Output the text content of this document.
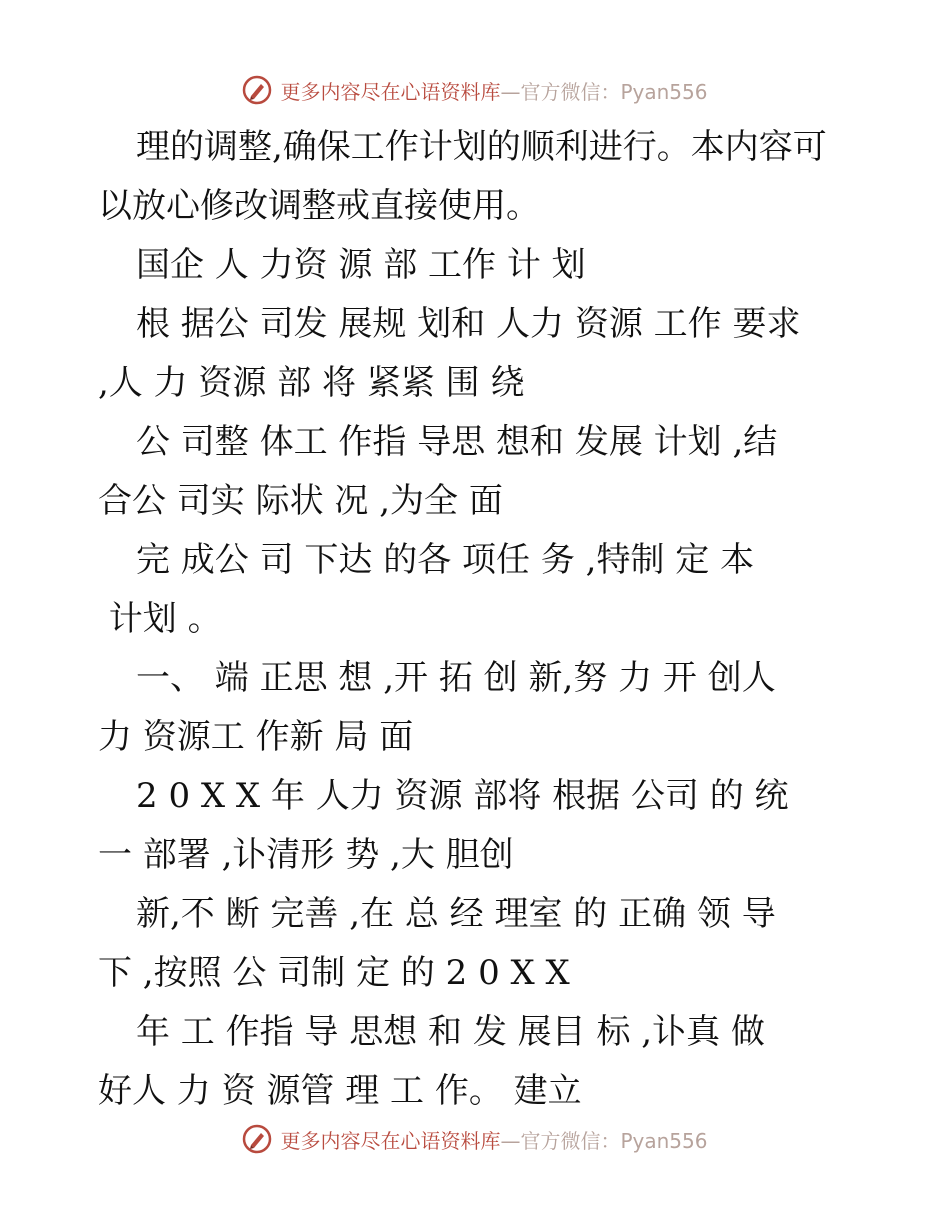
更多内容尽在心语资料库 —官方微信：Pyan556
理的调整,确保工作计划的顺利进行。本内容可
以放心修改调整戒直接使用。
国企 人 力资 源 部 工作 计 划
根 据公 司发 展规 划和 人力 资源 工作 要求
,人 力 资源 部 将 紧紧 围 绕
公 司整 体工 作指 导思 想和 发展 计划 ,结
合公 司实 际状 况 ,为全 面
完 成公 司 下达 的各 项任 务 ,特制 定 本
计划 。
一、 端 正思 想 ,开 拓 创 新,努 力 开 创人
力 资源工 作新 局 面
2 0 X X 年 人力 资源 部将 根据 公司 的 统
一 部署 ,讣清形 势 ,大 胆创
新,不 断 完善 ,在 总 经 理室 的 正确 领 导
下 ,按照 公 司制 定 的 2 0 X X
年 工 作指 导 思想 和 发 展目 标 ,讣真 做
好人 力 资 源管 理 工 作。 建立
更多内容尽在心语资料库 —官方微信：Pyan556
